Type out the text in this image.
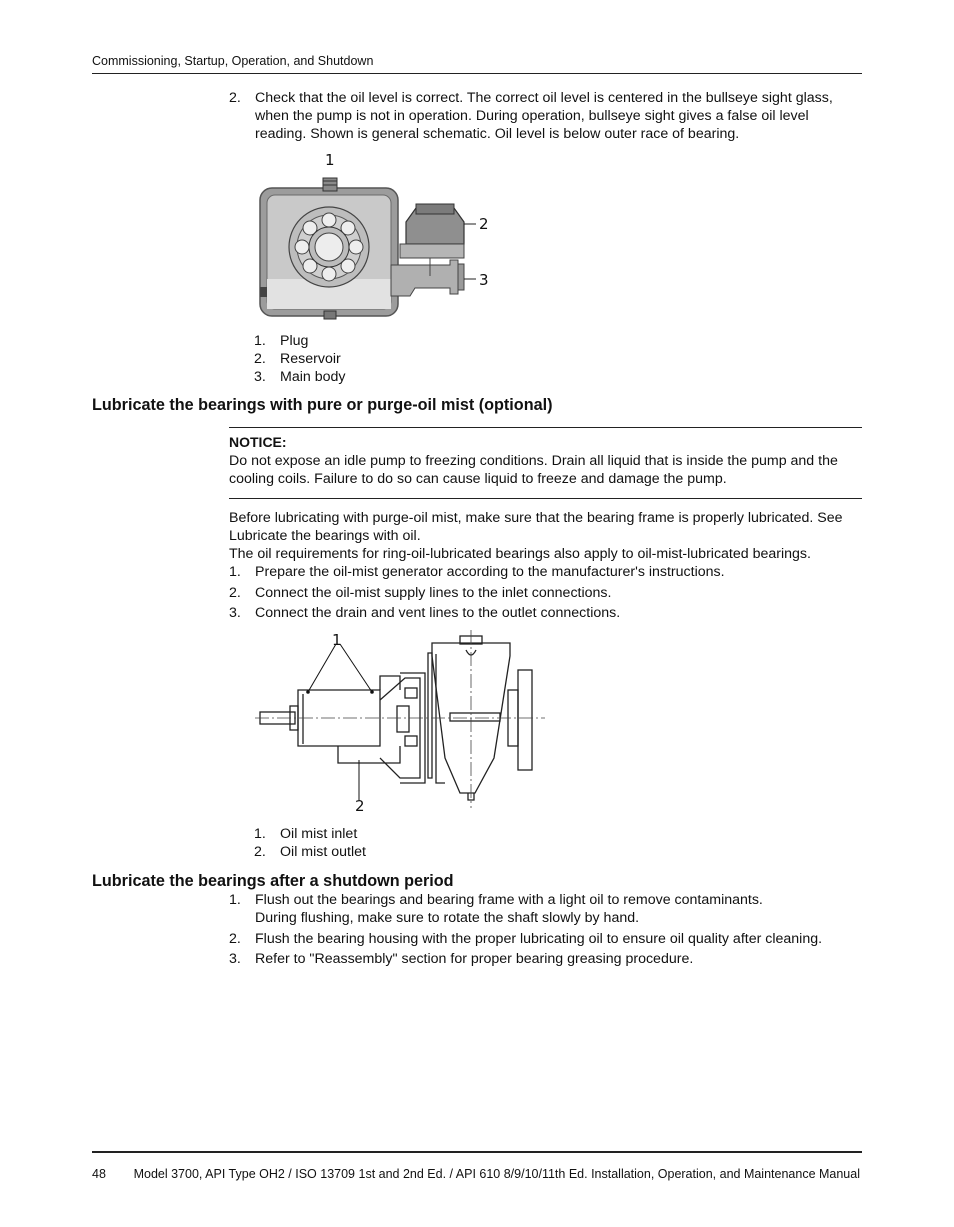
Commissioning, Startup, Operation, and Shutdown
2. Check that the oil level is correct. The correct oil level is centered in the bullseye sight glass, when the pump is not in operation. During operation, bullseye sight gives a false oil level reading. Shown is general schematic. Oil level is below outer race of bearing.
1
2
3
1. Plug
2. Reservoir
3. Main body
Lubricate the bearings with pure or purge-oil mist (optional)
NOTICE:
Do not expose an idle pump to freezing conditions. Drain all liquid that is inside the pump and the cooling coils. Failure to do so can cause liquid to freeze and damage the pump.
Before lubricating with purge-oil mist, make sure that the bearing frame is properly lubricated. See Lubricate the bearings with oil.
The oil requirements for ring-oil-lubricated bearings also apply to oil-mist-lubricated bearings.
1. Prepare the oil-mist generator according to the manufacturer's instructions.
2. Connect the oil-mist supply lines to the inlet connections.
3. Connect the drain and vent lines to the outlet connections.
1
2
1. Oil mist inlet
2. Oil mist outlet
Lubricate the bearings after a shutdown period
1. Flush out the bearings and bearing frame with a light oil to remove contaminants.
During flushing, make sure to rotate the shaft slowly by hand.
2. Flush the bearing housing with the proper lubricating oil to ensure oil quality after cleaning.
3. Refer to "Reassembly" section for proper bearing greasing procedure.
48	Model 3700, API Type OH2 / ISO 13709 1st and 2nd Ed. / API 610 8/9/10/11th Ed. Installation, Operation, and Maintenance Manual
